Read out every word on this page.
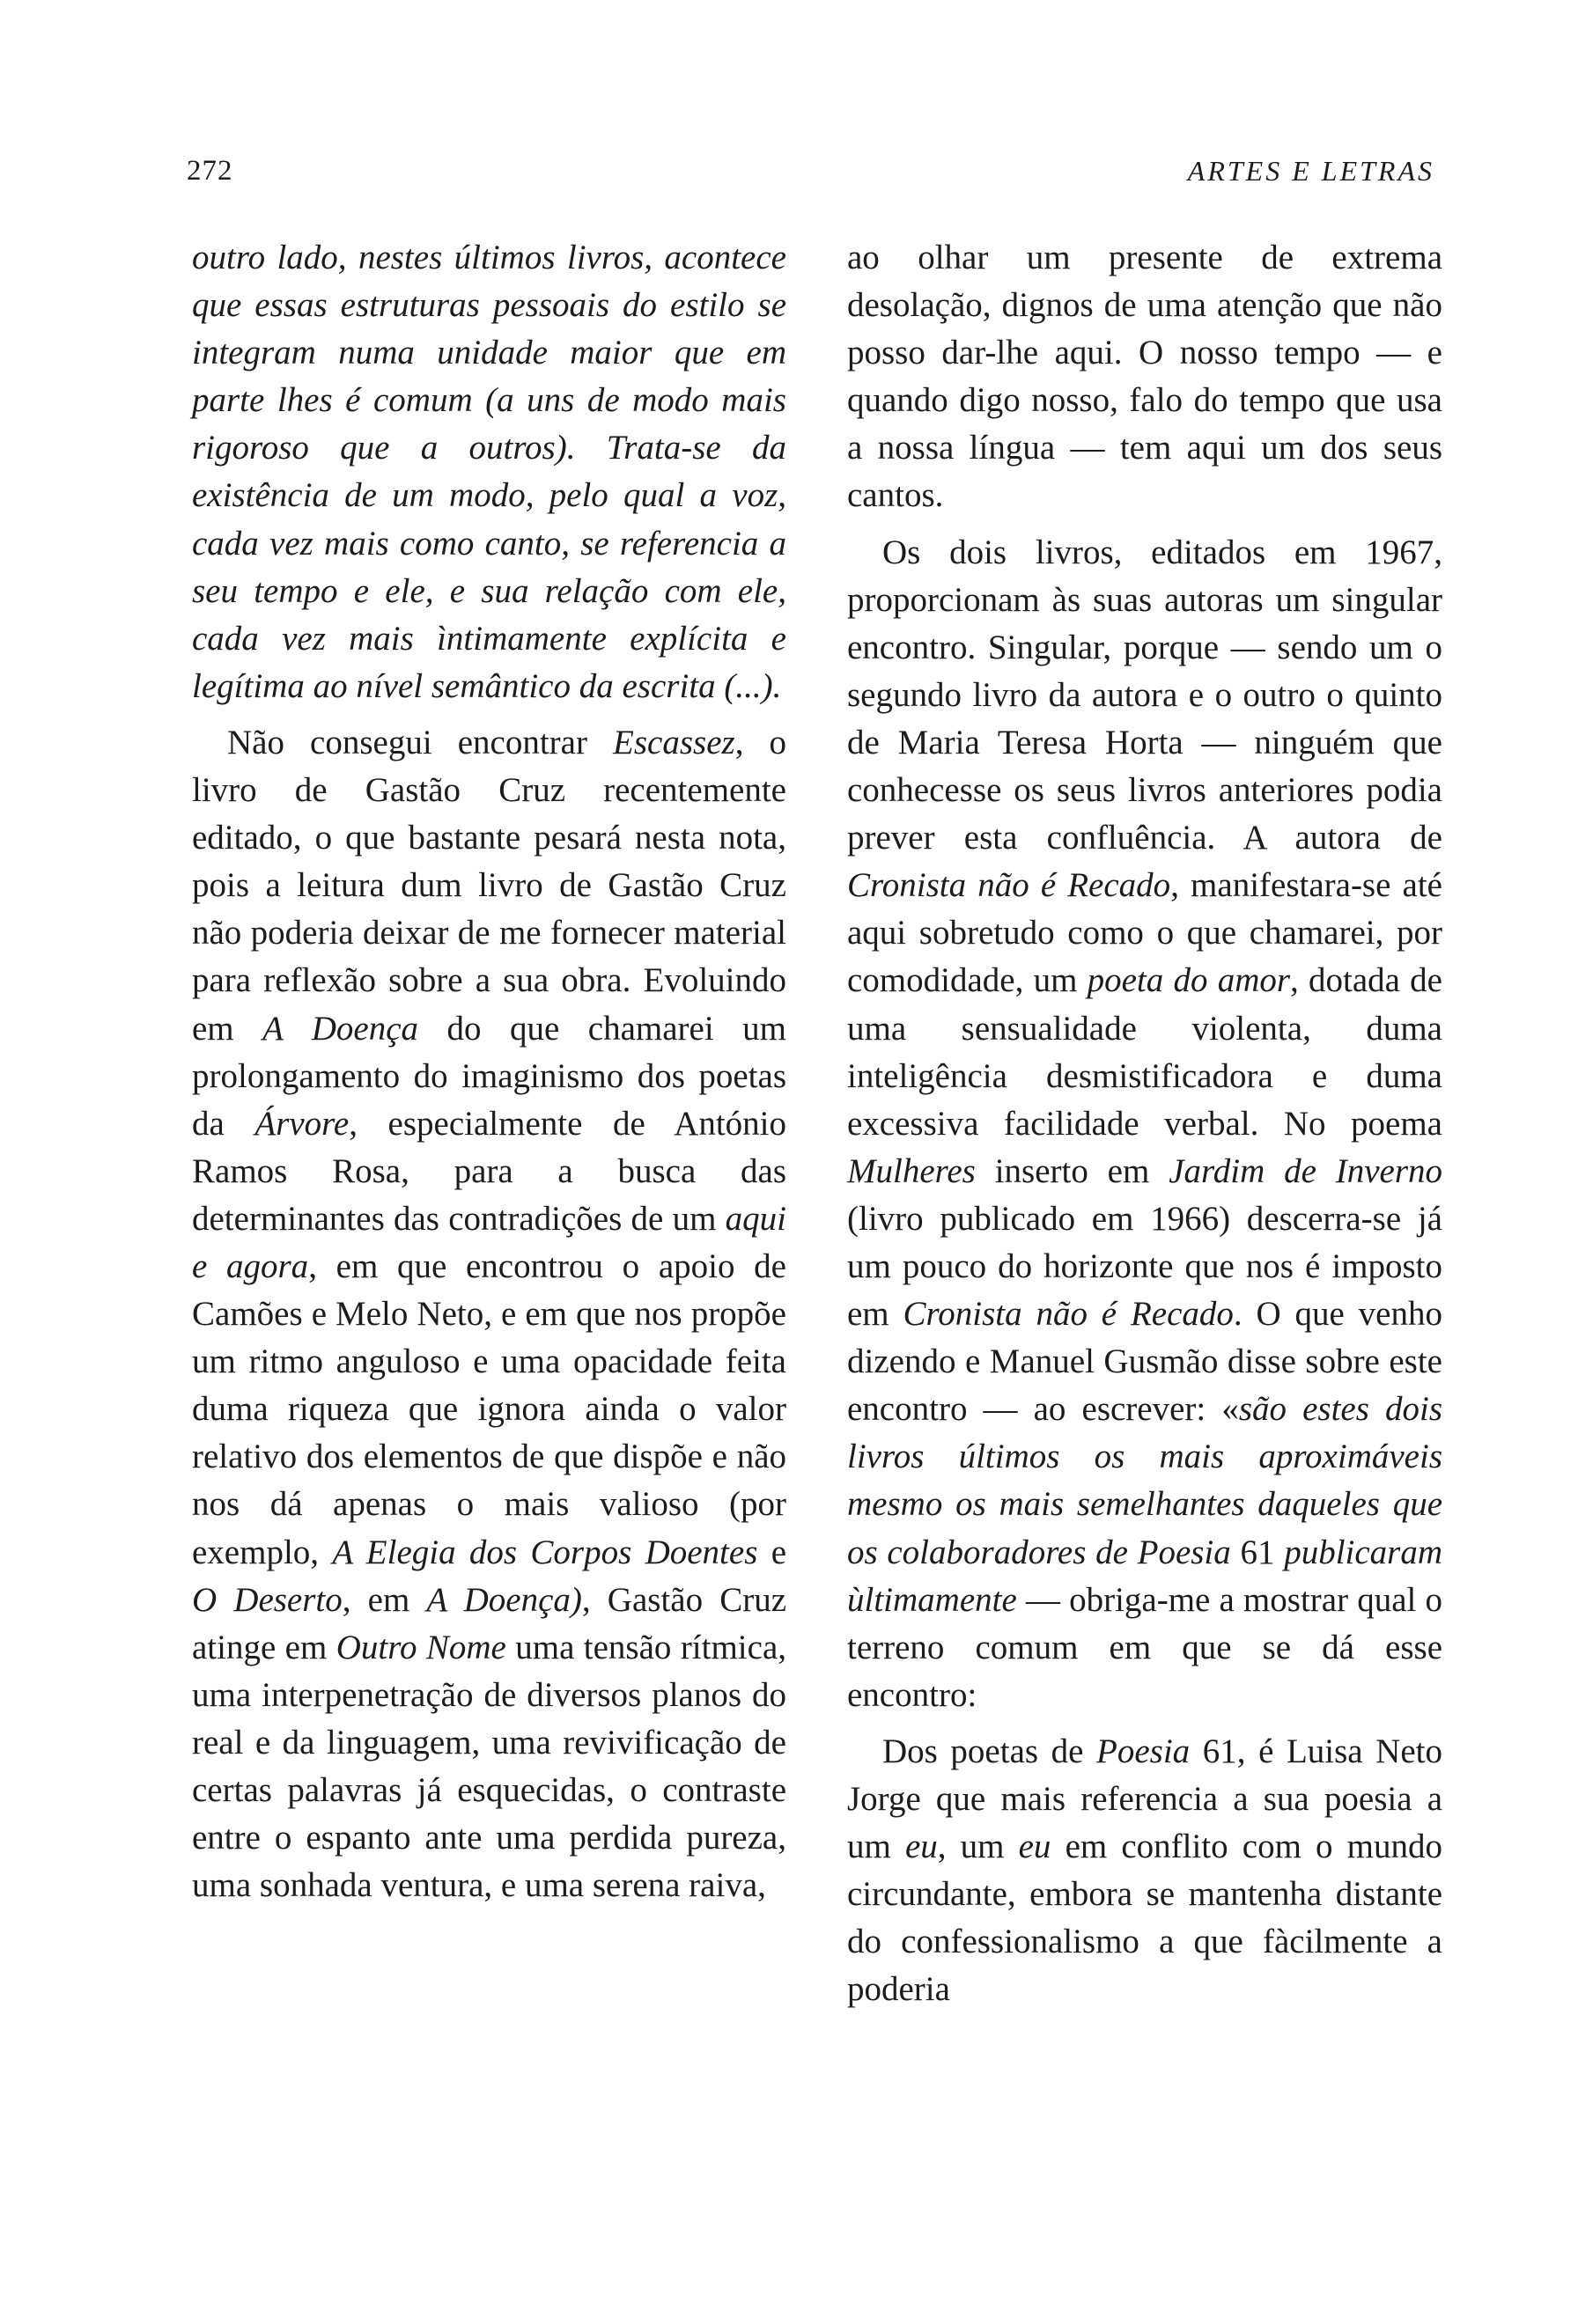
272	ARTES E LETRAS

outro lado, nestes últimos livros, acontece que essas estruturas pessoais do estilo se integram numa unidade maior que em parte lhes é comum (a uns de modo mais rigoroso que a outros). Trata-se da existência de um modo, pelo qual a voz, cada vez mais como canto, se referencia a seu tempo e ele, e sua relação com ele, cada vez mais ìntimamente explícita e legítima ao nível semântico da escrita (...).

Não consegui encontrar Escassez, o livro de Gastão Cruz recentemente editado, o que bastante pesará nesta nota, pois a leitura dum livro de Gastão Cruz não poderia deixar de me fornecer material para reflexão sobre a sua obra. Evoluindo em A Doença do que chamarei um prolongamento do imaginismo dos poetas da Árvore, especialmente de António Ramos Rosa, para a busca das determinantes das contradições de um aqui e agora, em que encontrou o apoio de Camões e Melo Neto, e em que nos propõe um ritmo anguloso e uma opacidade feita duma riqueza que ignora ainda o valor relativo dos elementos de que dispõe e não nos dá apenas o mais valioso (por exemplo, A Elegia dos Corpos Doentes e O Deserto, em A Doença), Gastão Cruz atinge em Outro Nome uma tensão rítmica, uma interpenetração de diversos planos do real e da linguagem, uma revivificação de certas palavras já esquecidas, o contraste entre o espanto ante uma perdida pureza, uma sonhada ventura, e uma serena raiva,

ao olhar um presente de extrema desolação, dignos de uma atenção que não posso dar-lhe aqui. O nosso tempo — e quando digo nosso, falo do tempo que usa a nossa língua — tem aqui um dos seus cantos.

Os dois livros, editados em 1967, proporcionam às suas autoras um singular encontro. Singular, porque — sendo um o segundo livro da autora e o outro o quinto de Maria Teresa Horta — ninguém que conhecesse os seus livros anteriores podia prever esta confluência. A autora de Cronista não é Recado, manifestara-se até aqui sobretudo como o que chamarei, por comodidade, um poeta do amor, dotada de uma sensualidade violenta, duma inteligência desmistificadora e duma excessiva facilidade verbal. No poema Mulheres inserto em Jardim de Inverno (livro publicado em 1966) descerra-se já um pouco do horizonte que nos é imposto em Cronista não é Recado. O que venho dizendo e Manuel Gusmão disse sobre este encontro — ao escrever: «são estes dois livros últimos os mais aproximáveis mesmo os mais semelhantes daqueles que os colaboradores de Poesia 61 publicaram ùltimamente — obriga-me a mostrar qual o terreno comum em que se dá esse encontro:

Dos poetas de Poesia 61, é Luisa Neto Jorge que mais referencia a sua poesia a um eu, um eu em conflito com o mundo circundante, embora se mantenha distante do confessionalismo a que fàcilmente a poderia
